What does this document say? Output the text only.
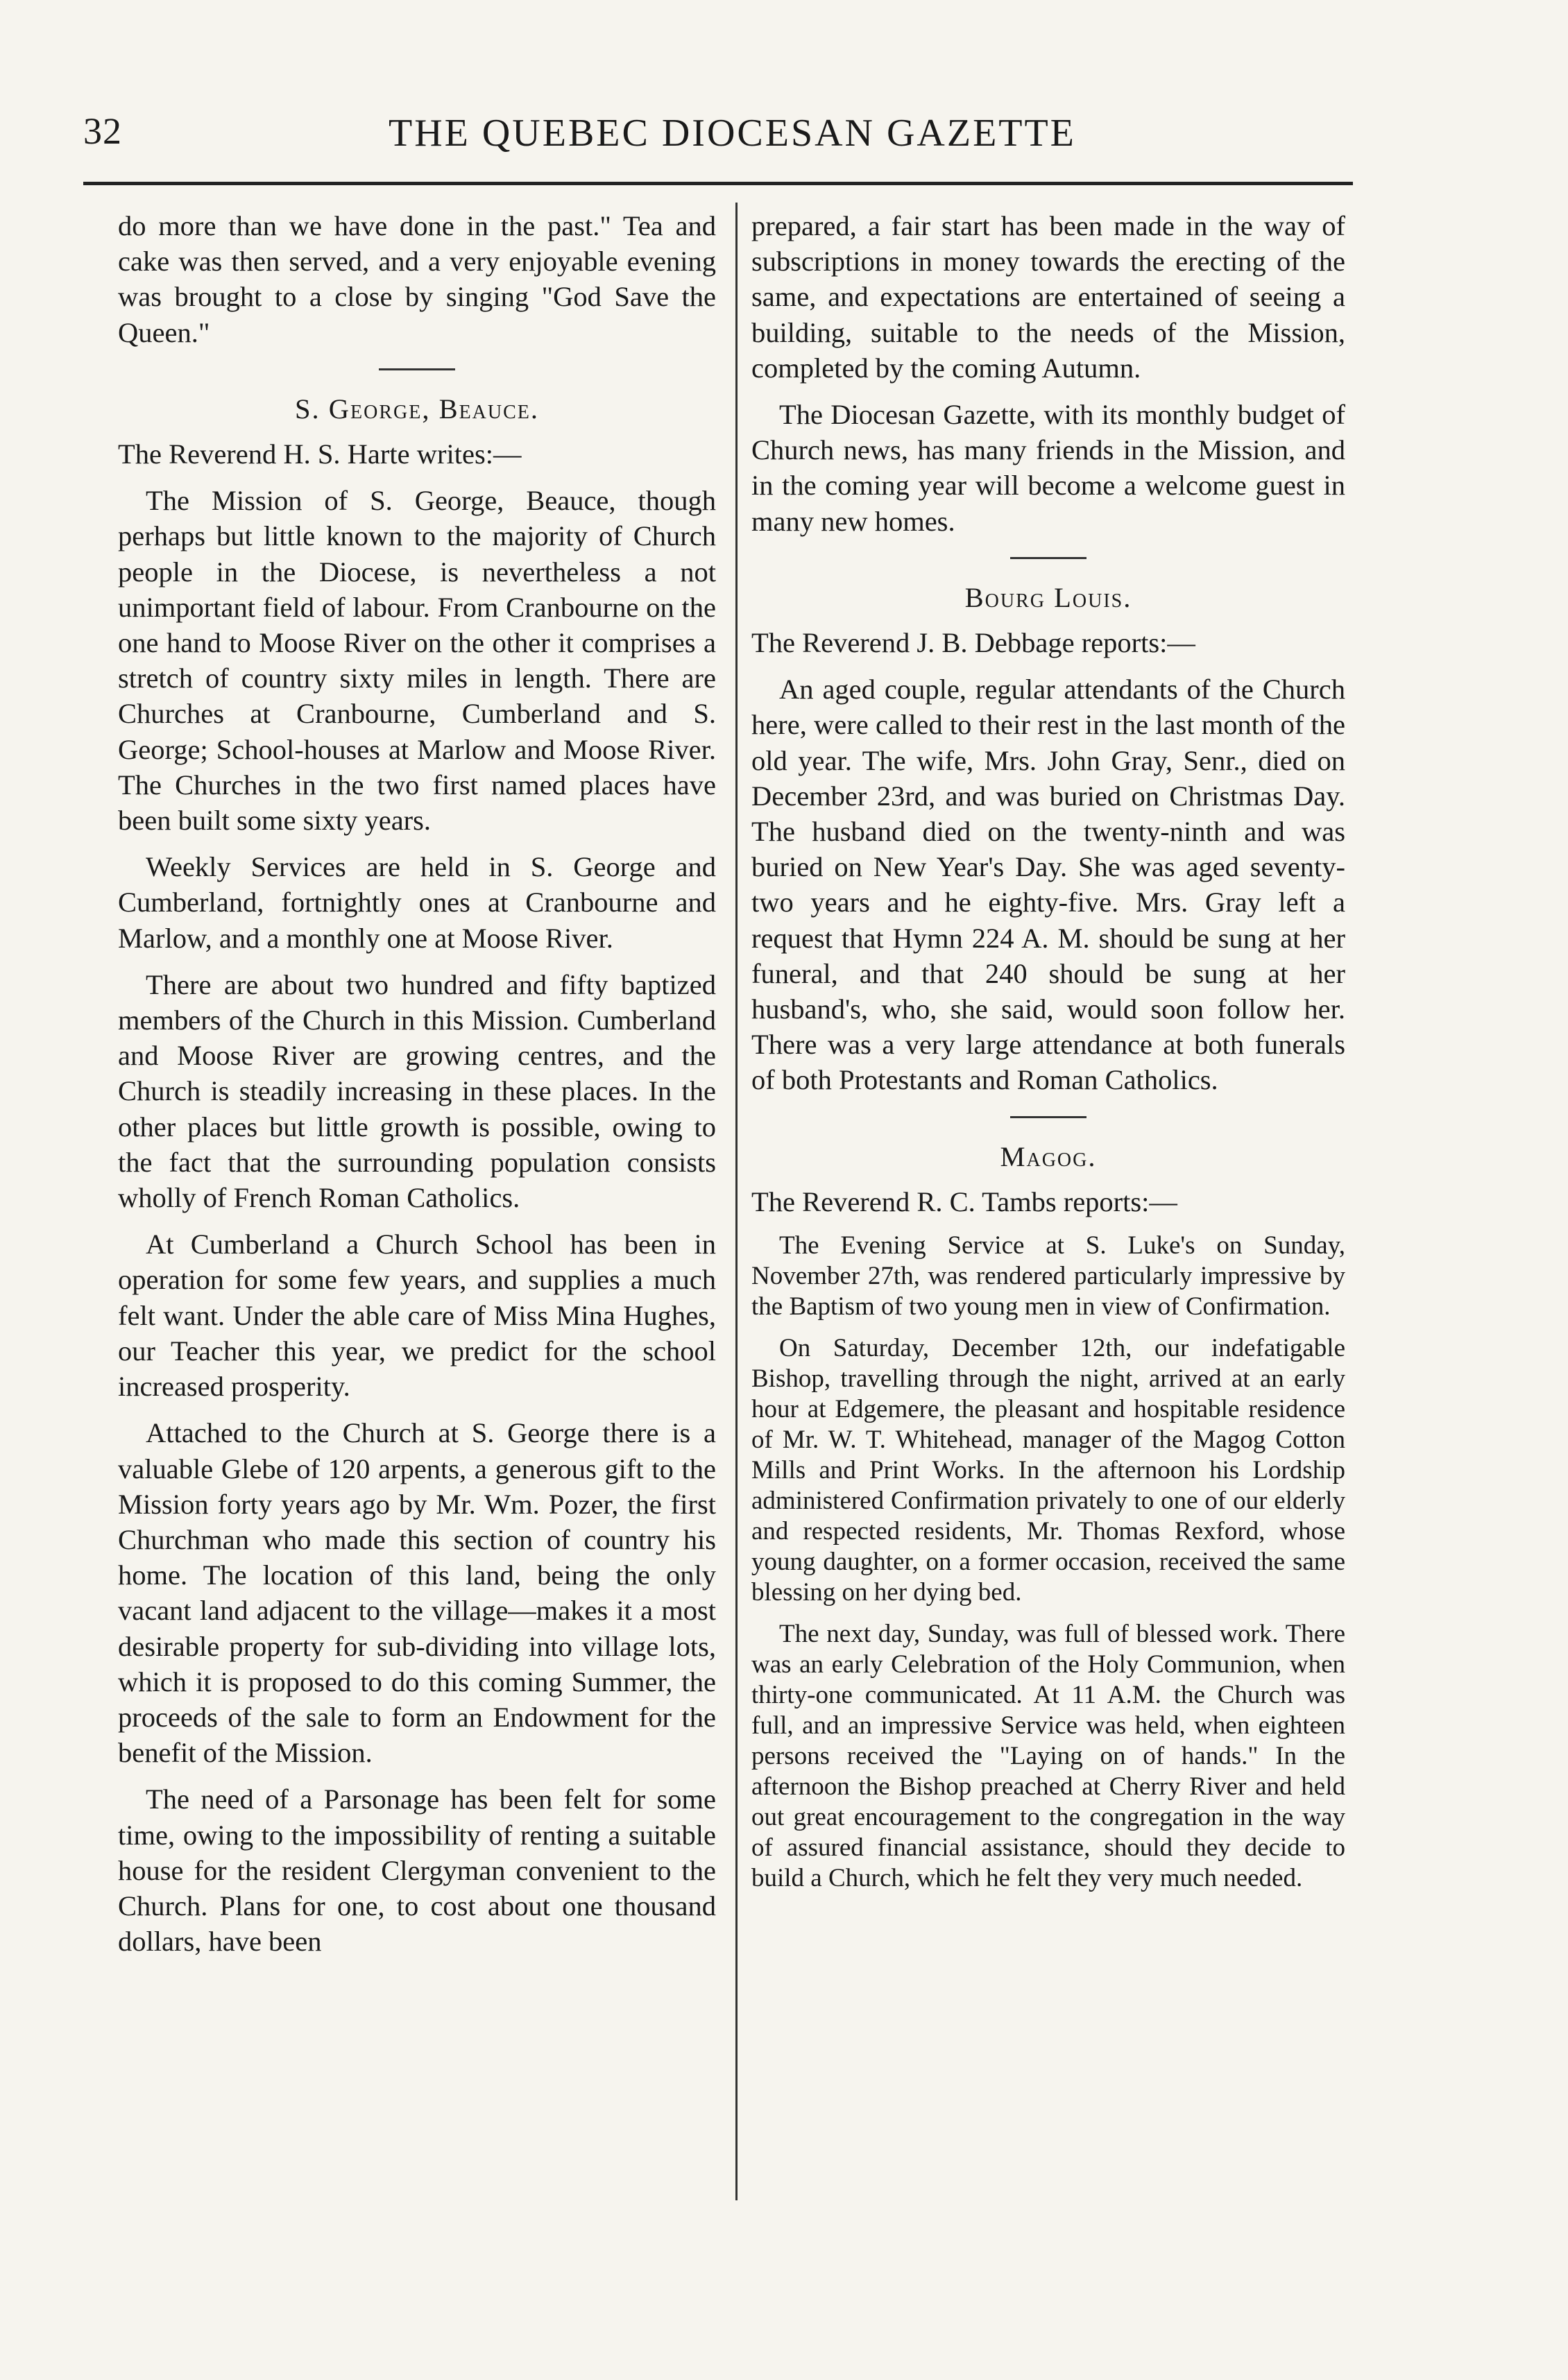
32	THE QUEBEC DIOCESAN GAZETTE

do more than we have done in the past." Tea and cake was then served, and a very enjoyable evening was brought to a close by singing "God Save the Queen."

S. George, Beauce.

The Reverend H. S. Harte writes:—

The Mission of S. George, Beauce, though perhaps but little known to the majority of Church people in the Diocese, is nevertheless a not unimportant field of labour. From Cranbourne on the one hand to Moose River on the other it comprises a stretch of country sixty miles in length. There are Churches at Cranbourne, Cumberland and S. George; School-houses at Marlow and Moose River. The Churches in the two first named places have been built some sixty years.

Weekly Services are held in S. George and Cumberland, fortnightly ones at Cranbourne and Marlow, and a monthly one at Moose River.

There are about two hundred and fifty baptized members of the Church in this Mission. Cumberland and Moose River are growing centres, and the Church is steadily increasing in these places. In the other places but little growth is possible, owing to the fact that the surrounding population consists wholly of French Roman Catholics.

At Cumberland a Church School has been in operation for some few years, and supplies a much felt want. Under the able care of Miss Mina Hughes, our Teacher this year, we predict for the school increased prosperity.

Attached to the Church at S. George there is a valuable Glebe of 120 arpents, a generous gift to the Mission forty years ago by Mr. Wm. Pozer, the first Churchman who made this section of country his home. The location of this land, being the only vacant land adjacent to the village—makes it a most desirable property for sub-dividing into village lots, which it is proposed to do this coming Summer, the proceeds of the sale to form an Endowment for the benefit of the Mission.

The need of a Parsonage has been felt for some time, owing to the impossibility of renting a suitable house for the resident Clergyman convenient to the Church. Plans for one, to cost about one thousand dollars, have been

prepared, a fair start has been made in the way of subscriptions in money towards the erecting of the same, and expectations are entertained of seeing a building, suitable to the needs of the Mission, completed by the coming Autumn.

The Diocesan Gazette, with its monthly budget of Church news, has many friends in the Mission, and in the coming year will become a welcome guest in many new homes.

Bourg Louis.

The Reverend J. B. Debbage reports:—

An aged couple, regular attendants of the Church here, were called to their rest in the last month of the old year. The wife, Mrs. John Gray, Senr., died on December 23rd, and was buried on Christmas Day. The husband died on the twenty-ninth and was buried on New Year's Day. She was aged seventy-two years and he eighty-five. Mrs. Gray left a request that Hymn 224 A. M. should be sung at her funeral, and that 240 should be sung at her husband's, who, she said, would soon follow her. There was a very large attendance at both funerals of both Protestants and Roman Catholics.

Magog.

The Reverend R. C. Tambs reports:—

The Evening Service at S. Luke's on Sunday, November 27th, was rendered particularly impressive by the Baptism of two young men in view of Confirmation.

On Saturday, December 12th, our indefatigable Bishop, travelling through the night, arrived at an early hour at Edgemere, the pleasant and hospitable residence of Mr. W. T. Whitehead, manager of the Magog Cotton Mills and Print Works. In the afternoon his Lordship administered Confirmation privately to one of our elderly and respected residents, Mr. Thomas Rexford, whose young daughter, on a former occasion, received the same blessing on her dying bed.

The next day, Sunday, was full of blessed work. There was an early Celebration of the Holy Communion, when thirty-one communicated. At 11 A.M. the Church was full, and an impressive Service was held, when eighteen persons received the "Laying on of hands." In the afternoon the Bishop preached at Cherry River and held out great encouragement to the congregation in the way of assured financial assistance, should they decide to build a Church, which he felt they very much needed.
